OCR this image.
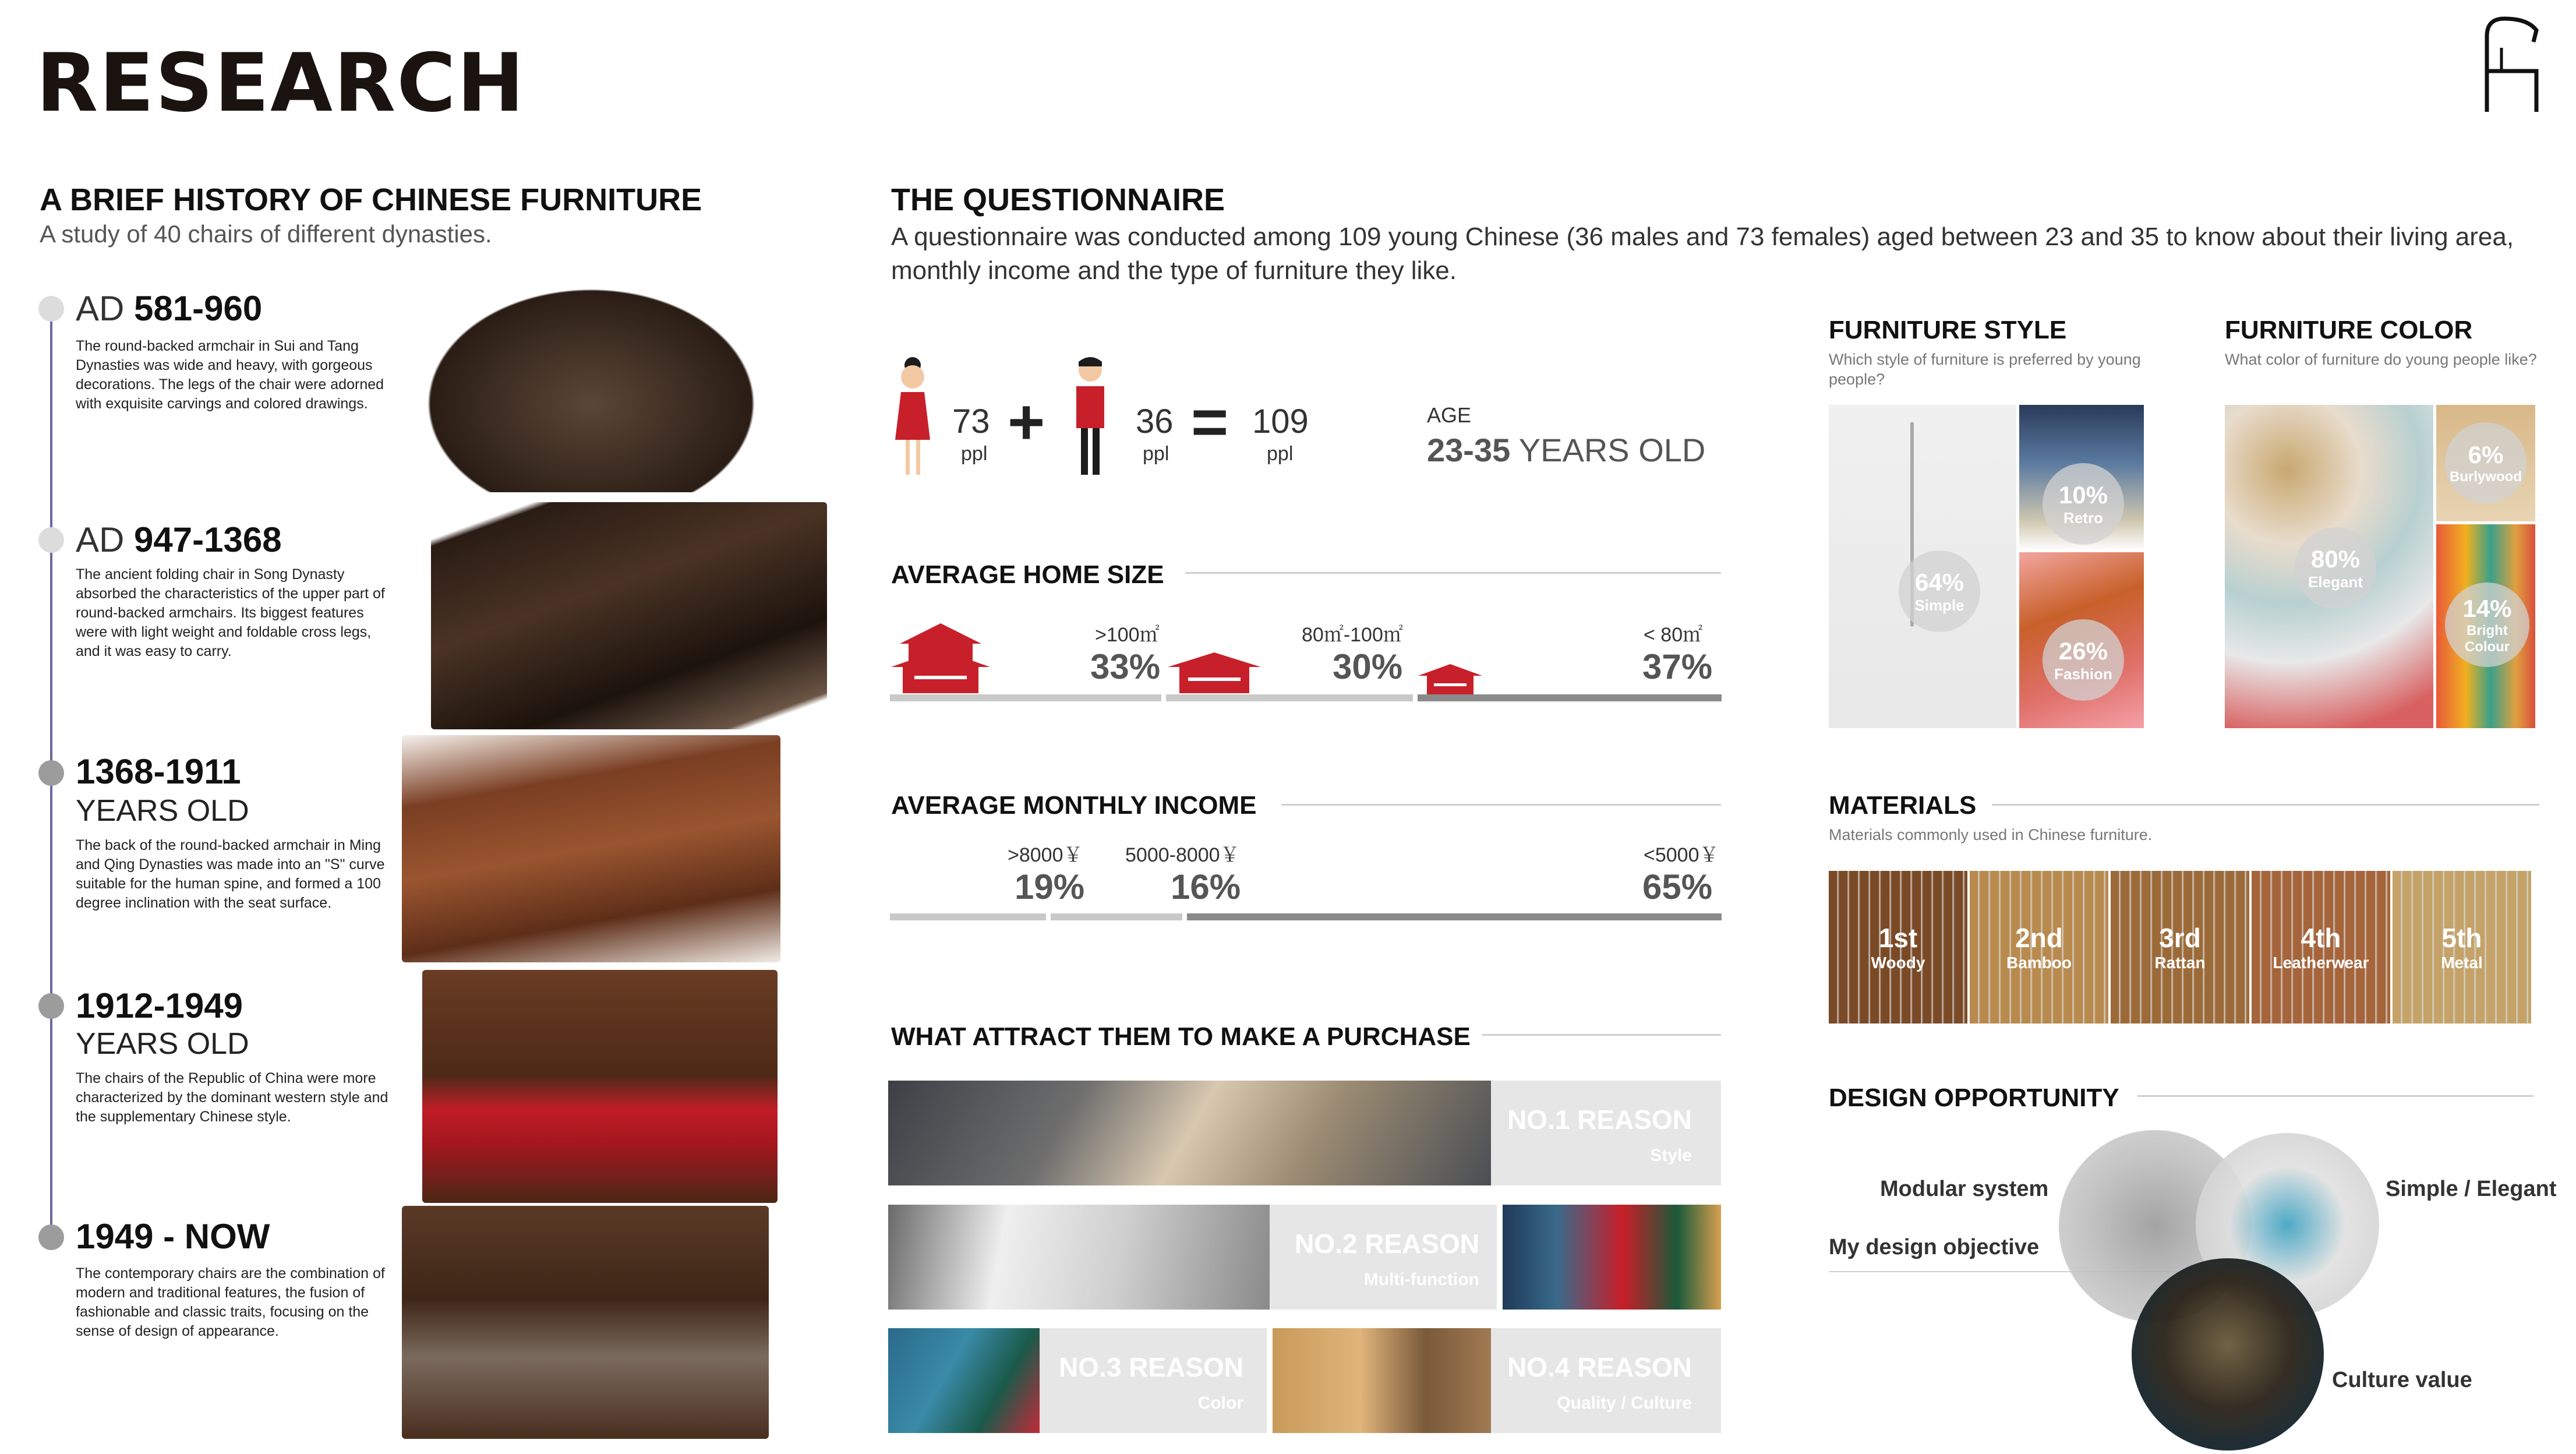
RESEARCH
A BRIEF HISTORY OF CHINESE FURNITURE
A study of 40 chairs of different dynasties.
AD 581-960
The round-backed armchair in Sui and Tang Dynasties was wide and heavy, with gorgeous decorations. The legs of the chair were adorned with exquisite carvings and colored drawings.
AD 947-1368
The ancient folding chair in Song Dynasty absorbed the characteristics of the upper part of round-backed armchairs. Its biggest features were with light weight and foldable cross legs, and it was easy to carry.
1368-1911
YEARS OLD
The back of the round-backed armchair in Ming and Qing Dynasties was made into an "S" curve suitable for the human spine, and formed a 100 degree inclination with the seat surface.
1912-1949
YEARS OLD
The chairs of the Republic of China were more characterized by the dominant western style and the supplementary Chinese style.
1949 - NOW
The contemporary chairs are the combination of modern and traditional features, the fusion of fashionable and classic traits, focusing on the sense of design of appearance.
THE QUESTIONNAIRE
A questionnaire was conducted among 109 young Chinese (36 males and 73 females) aged between 23 and 35 to know about their living area, monthly income and the type of furniture they like.
73
ppl +	36
ppl = 109
ppl
AGE
23-35 YEARS OLD
AVERAGE HOME SIZE
>100㎡
33%
80㎡-100㎡
30%
< 80㎡
37%
AVERAGE MONTHLY INCOME
>8000￥
19%
5000-8000￥
16%
<5000￥
65%
WHAT ATTRACT THEM TO MAKE A PURCHASE
NO.1 REASON
Style
NO.2 REASON
Multi-function
NO.3 REASON
Color
NO.4 REASON
Quality / Culture
FURNITURE STYLE
Which style of furniture is preferred by young people?
64%
Simple
10%
Retro
26%
Fashion
FURNITURE COLOR
What color of furniture do young people like?
80%
Elegant
6%
Burlywood
14%
Bright
Colour
MATERIALS
Materials commonly used in Chinese furniture.
1st
Woody
2nd
Bamboo
3rd
Rattan
4th
Leatherwear
5th
Metal
DESIGN OPPORTUNITY
Modular system
My design objective
Simple / Elegant
Culture value
